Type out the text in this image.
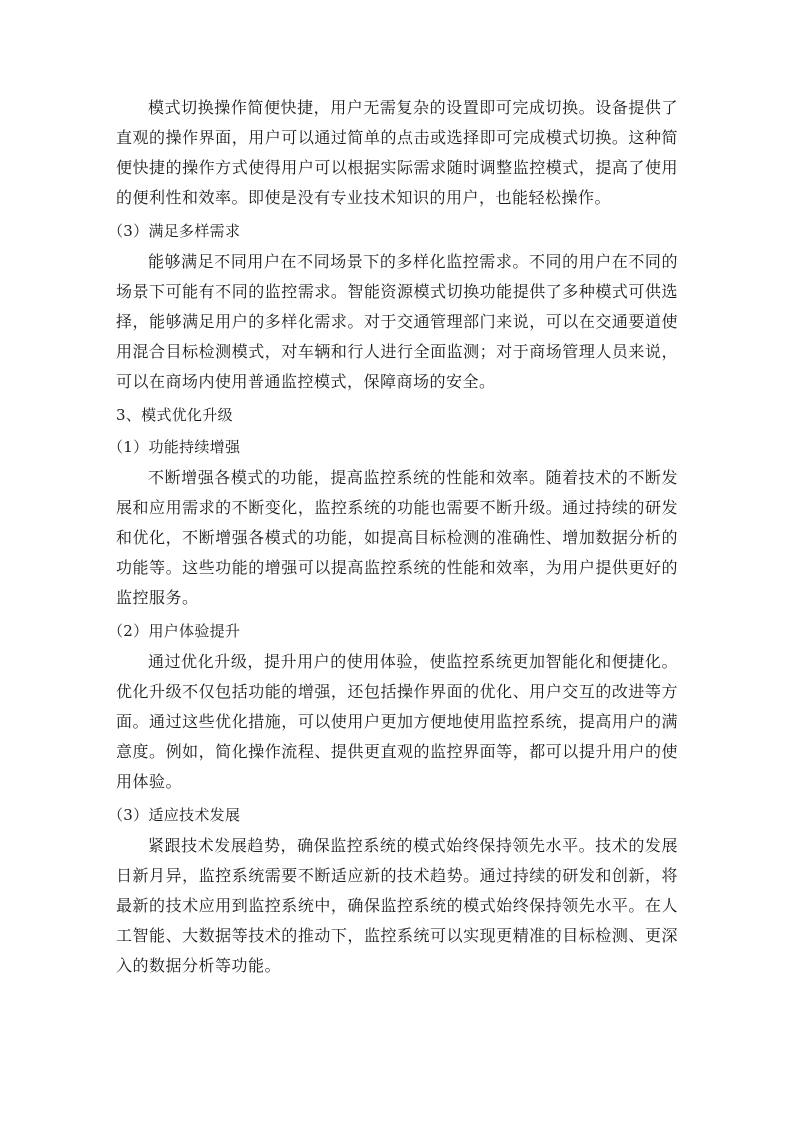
模式切换操作简便快捷，用户无需复杂的设置即可完成切换。设备提供了直观的操作界面，用户可以通过简单的点击或选择即可完成模式切换。这种简便快捷的操作方式使得用户可以根据实际需求随时调整监控模式，提高了使用的便利性和效率。即使是没有专业技术知识的用户，也能轻松操作。

（3）满足多样需求

能够满足不同用户在不同场景下的多样化监控需求。不同的用户在不同的场景下可能有不同的监控需求。智能资源模式切换功能提供了多种模式可供选择，能够满足用户的多样化需求。对于交通管理部门来说，可以在交通要道使用混合目标检测模式，对车辆和行人进行全面监测；对于商场管理人员来说，可以在商场内使用普通监控模式，保障商场的安全。

3、模式优化升级
（1）功能持续增强

不断增强各模式的功能，提高监控系统的性能和效率。随着技术的不断发展和应用需求的不断变化，监控系统的功能也需要不断升级。通过持续的研发和优化，不断增强各模式的功能，如提高目标检测的准确性、增加数据分析的功能等。这些功能的增强可以提高监控系统的性能和效率，为用户提供更好的监控服务。

（2）用户体验提升

通过优化升级，提升用户的使用体验，使监控系统更加智能化和便捷化。优化升级不仅包括功能的增强，还包括操作界面的优化、用户交互的改进等方面。通过这些优化措施，可以使用户更加方便地使用监控系统，提高用户的满意度。例如，简化操作流程、提供更直观的监控界面等，都可以提升用户的使用体验。

（3）适应技术发展

紧跟技术发展趋势，确保监控系统的模式始终保持领先水平。技术的发展日新月异，监控系统需要不断适应新的技术趋势。通过持续的研发和创新，将最新的技术应用到监控系统中，确保监控系统的模式始终保持领先水平。在人工智能、大数据等技术的推动下，监控系统可以实现更精准的目标检测、更深入的数据分析等功能。
